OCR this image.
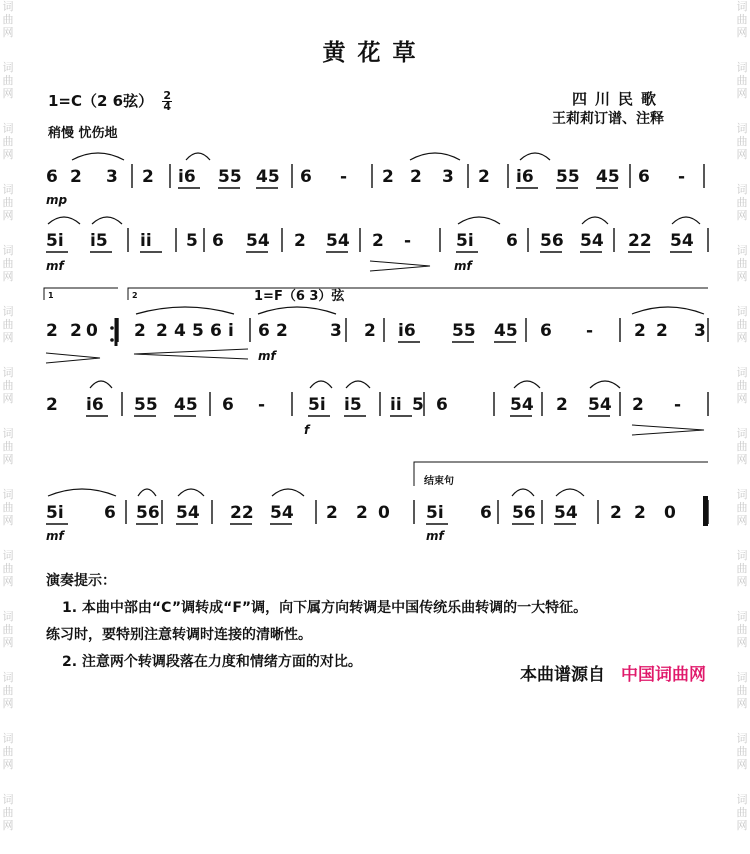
词
曲
网
词
曲
网
词
曲
网
词
曲
网
词
曲
网
词
曲
网
词
曲
网
词
曲
网
词
曲
网
词
曲
网
词
曲
网
词
曲
网
词
曲
网
词
曲
网
词
曲
网
词
曲
网
词
曲
网
词
曲
网
词
曲
网
词
曲
网
词
曲
网
词
曲
网
词
曲
网
词
曲
网
词
曲
网
词
曲
网
词
曲
网
词
曲
网
黄花草
1=C（2 6弦） $\frac{2}{4}$
稍慢 忧伤地
四川民歌
王莉莉订谱、注释
6 2 3 2 i6 55 45 6 - 2 2 3 2 i6 55 45 6 -
5i i5 ii 5 6 54 2 54 2 -	5i 6 56 54 22 54
2 2 0 2 2 4 5 6 i 6 2 3 2 i6 55 45 6 - 2 2 3
2 i6 55 45 6 -	5i i5 ii 5 6	54 2 54 2 -
5i 6 56 54 22 54 2 2 0 5i 6 56 54 2 2 0
1	2	1=F（6 3）弦
结束句
mp
mf	mf
mf
f
mf	mf
演奏提示：
1. 本曲中部由“C”调转成“F”调，向下属方向转调是中国传统乐曲转调的一大特征。
练习时，要特别注意转调时连接的清晰性。
2. 注意两个转调段落在力度和情绪方面的对比。
本曲谱源自 中国词曲网
